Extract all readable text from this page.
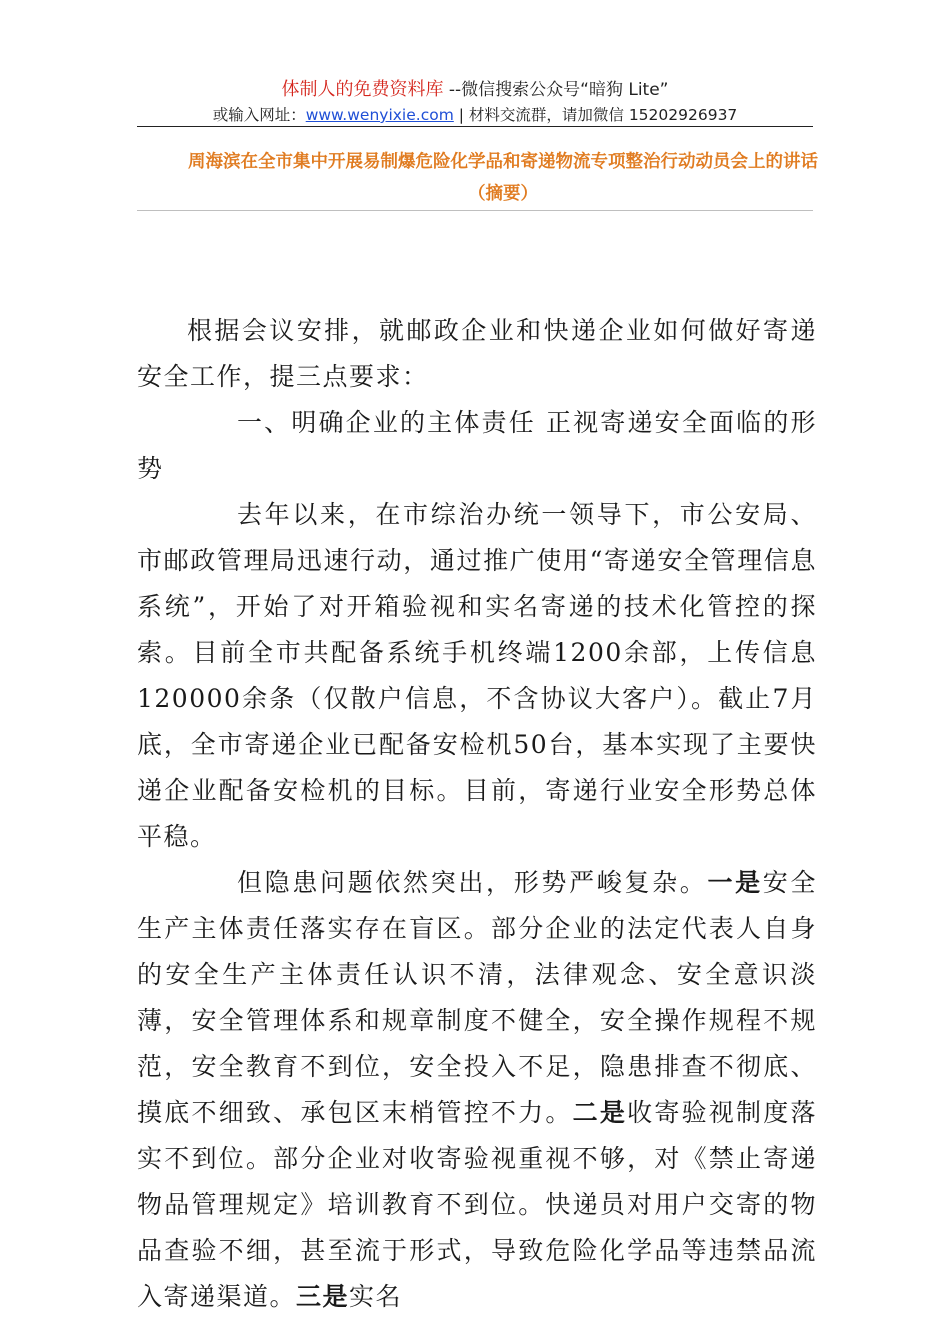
体制人的免费资料库 --微信搜索公众号“暗狗 Lite”
或输入网址：www.wenyixie.com | 材料交流群，请加微信 15202926937
周海滨在全市集中开展易制爆危险化学品和寄递物流专项整治行动动员会上的讲话（摘要）

根据会议安排，就邮政企业和快递企业如何做好寄递安全工作，提三点要求：

一、明确企业的主体责任 正视寄递安全面临的形势

去年以来，在市综治办统一领导下，市公安局、市邮政管理局迅速行动，通过推广使用“寄递安全管理信息系统”，开始了对开箱验视和实名寄递的技术化管控的探索。目前全市共配备系统手机终端1200余部，上传信息120000余条（仅散户信息，不含协议大客户）。截止7月底，全市寄递企业已配备安检机50台，基本实现了主要快递企业配备安检机的目标。目前，寄递行业安全形势总体平稳。

但隐患问题依然突出，形势严峻复杂。一是安全生产主体责任落实存在盲区。部分企业的法定代表人自身的安全生产主体责任认识不清，法律观念、安全意识淡薄，安全管理体系和规章制度不健全，安全操作规程不规范，安全教育不到位，安全投入不足，隐患排查不彻底、摸底不细致、承包区末梢管控不力。二是收寄验视制度落实不到位。部分企业对收寄验视重视不够，对《禁止寄递物品管理规定》培训教育不到位。快递员对用户交寄的物品查验不细，甚至流于形式，导致危险化学品等违禁品流入寄递渠道。三是实名
